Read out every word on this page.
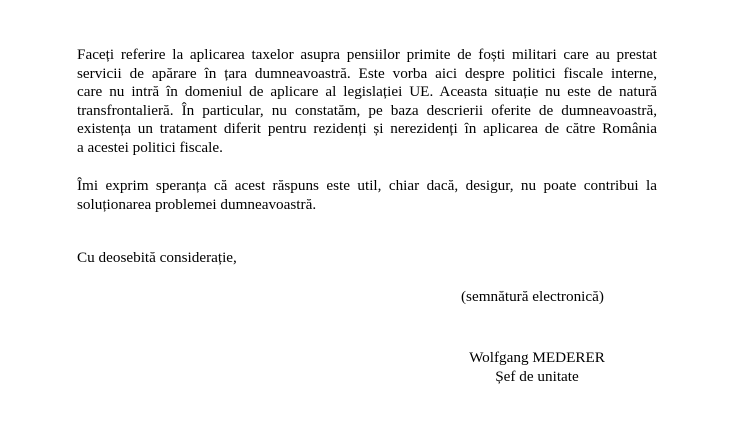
Faceți referire la aplicarea taxelor asupra pensiilor primite de foști militari care au prestat
servicii de apărare în țara dumneavoastră. Este vorba aici despre politici fiscale interne,
care nu intră în domeniul de aplicare al legislației UE. Aceasta situație nu este de natură
transfrontalieră. În particular, nu constatăm, pe baza descrierii oferite de dumneavoastră,
existența un tratament diferit pentru rezidenți și nerezidenți în aplicarea de către România
a acestei politici fiscale.
Îmi exprim speranța că acest răspuns este util, chiar dacă, desigur, nu poate contribui la
soluționarea problemei dumneavoastră.

Cu deosebită considerație,

(semnătură electronică)

Wolfgang MEDERER
Șef de unitate
